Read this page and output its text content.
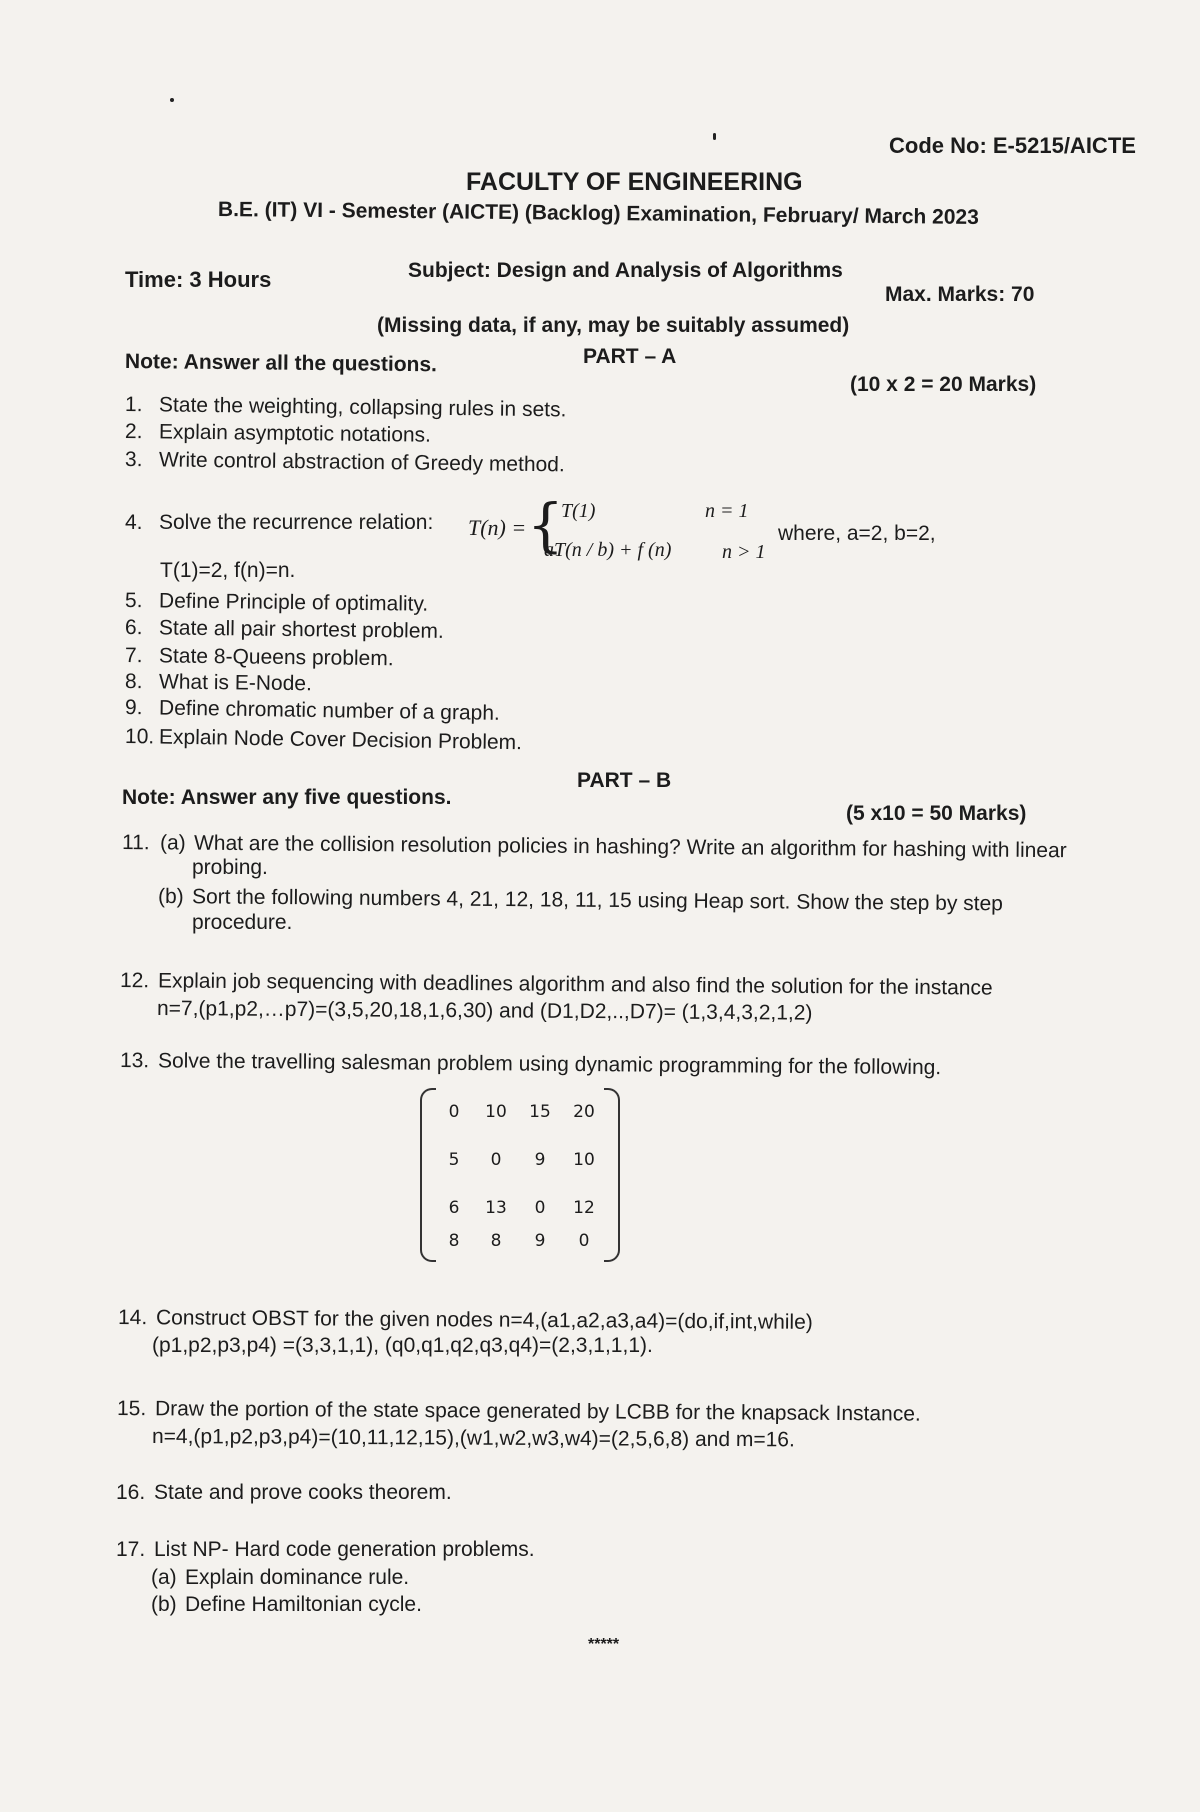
Code No: E-5215/AICTE
FACULTY OF ENGINEERING
B.E. (IT) VI - Semester (AICTE) (Backlog) Examination, February/ March 2023
Time: 3 Hours	Subject: Design and Analysis of Algorithms
Max. Marks: 70
(Missing data, if any, may be suitably assumed)
PART – A
Note: Answer all the questions.
(10 x 2 = 20 Marks)
1. State the weighting, collapsing rules in sets.
2. Explain asymptotic notations.
3. Write control abstraction of Greedy method.
4. Solve the recurrence relation: T(n) = {
T(1)	n = 1
aT(n / b) + f (n)	n > 1
where, a=2, b=2,
T(1)=2, f(n)=n.
5. Define Principle of optimality.
6. State all pair shortest problem.
7. State 8-Queens problem.
8. What is E-Node.
9. Define chromatic number of a graph.
10. Explain Node Cover Decision Problem.
PART – B
Note: Answer any five questions.
(5 x10 = 50 Marks)
11. (a) What are the collision resolution policies in hashing? Write an algorithm for hashing with linear
probing.
(b) Sort the following numbers 4, 21, 12, 18, 11, 15 using Heap sort. Show the step by step
procedure.
12. Explain job sequencing with deadlines algorithm and also find the solution for the instance
n=7,(p1,p2,…p7)=(3,5,20,18,1,6,30) and (D1,D2,..,D7)= (1,3,4,3,2,1,2)
13. Solve the travelling salesman problem using dynamic programming for the following.
0	10	15	20
5	0	9	10
6	13	0	12
8	8	9	0
14. Construct OBST for the given nodes n=4,(a1,a2,a3,a4)=(do,if,int,while)
(p1,p2,p3,p4) =(3,3,1,1), (q0,q1,q2,q3,q4)=(2,3,1,1,1).
15. Draw the portion of the state space generated by LCBB for the knapsack Instance.
n=4,(p1,p2,p3,p4)=(10,11,12,15),(w1,w2,w3,w4)=(2,5,6,8) and m=16.
16. State and prove cooks theorem.
17. List NP- Hard code generation problems.
(a) Explain dominance rule.
(b) Define Hamiltonian cycle.
*****
